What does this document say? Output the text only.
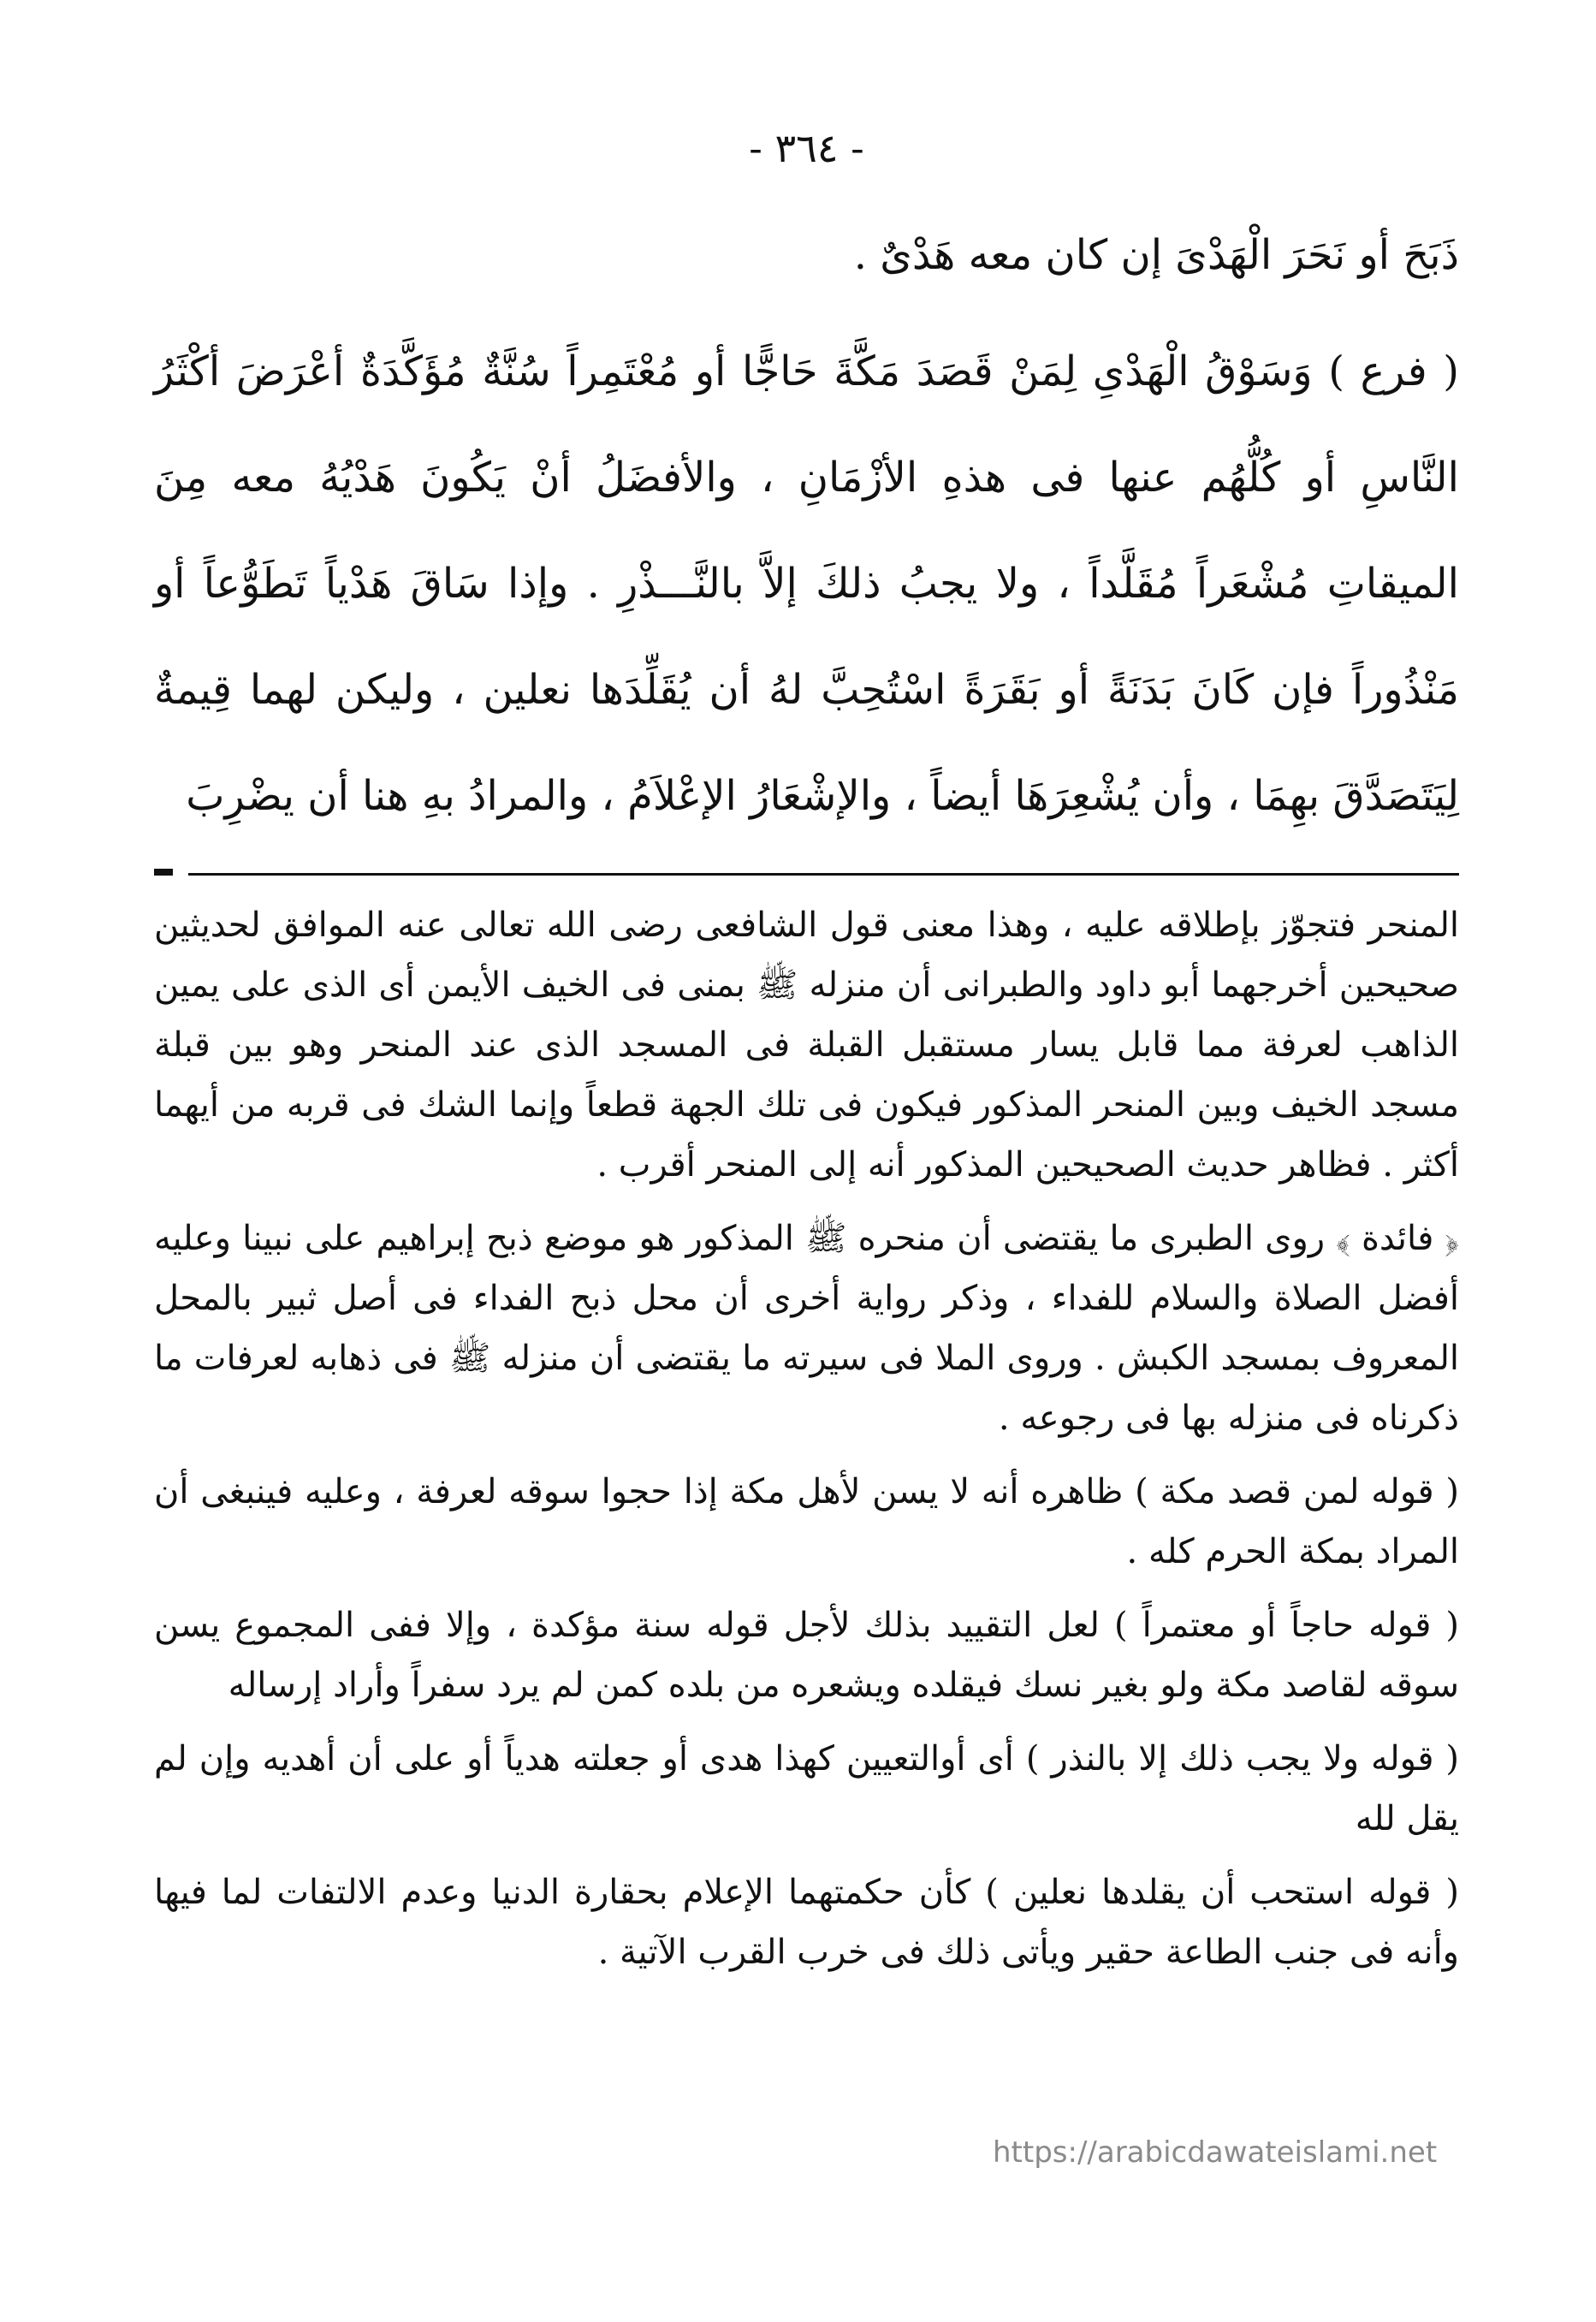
- ٣٦٤ -

ذَبَحَ أو نَحَرَ الْهَدْىَ إن كان معه هَدْىٌ .

( فرع ) وَسَوْقُ الْهَدْىِ لِمَنْ قَصَدَ مَكَّةَ حَاجًّا أو مُعْتَمِراً سُنَّةٌ مُؤَكَّدَةٌ أعْرَضَ أكْثَرُ النَّاسِ أو كُلُّهُم عنها فى هذهِ الأزْمَانِ ، والأفضَلُ أنْ يَكُونَ هَدْيُهُ معه مِنَ الميقاتِ مُشْعَراً مُقَلَّداً ، ولا يجبُ ذلكَ إلاَّ بالنَّـــذْرِ . وإذا سَاقَ هَدْياً تَطَوُّعاً أو مَنْذُوراً فإن كَانَ بَدَنَةً أو بَقَرَةً اسْتُحِبَّ لهُ أن يُقَلِّدَها نعلين ، وليكن لهما قِيمةٌ لِيَتَصَدَّقَ بهِمَا ، وأن يُشْعِرَهَا أيضاً ، والإشْعَارُ الإعْلاَمُ ، والمرادُ بهِ هنا أن يضْرِبَ

المنحر فتجوّز بإطلاقه عليه ، وهذا معنى قول الشافعى رضى الله تعالى عنه الموافق لحديثين صحيحين أخرجهما أبو داود والطبرانى أن منزله ﷺ بمنى فى الخيف الأيمن أى الذى على يمين الذاهب لعرفة مما قابل يسار مستقبل القبلة فى المسجد الذى عند المنحر وهو بين قبلة مسجد الخيف وبين المنحر المذكور فيكون فى تلك الجهة قطعاً وإنما الشك فى قربه من أيهما أكثر . فظاهر حديث الصحيحين المذكور أنه إلى المنحر أقرب .

﴿ فائدة ﴾ روى الطبرى ما يقتضى أن منحره ﷺ المذكور هو موضع ذبح إبراهيم على نبينا وعليه أفضل الصلاة والسلام للفداء ، وذكر رواية أخرى أن محل ذبح الفداء فى أصل ثبير بالمحل المعروف بمسجد الكبش . وروى الملا فى سيرته ما يقتضى أن منزله ﷺ فى ذهابه لعرفات ما ذكرناه فى منزله بها فى رجوعه .

( قوله لمن قصد مكة ) ظاهره أنه لا يسن لأهل مكة إذا حجوا سوقه لعرفة ، وعليه فينبغى أن المراد بمكة الحرم كله .

( قوله حاجاً أو معتمراً ) لعل التقييد بذلك لأجل قوله سنة مؤكدة ، وإلا ففى المجموع يسن سوقه لقاصد مكة ولو بغير نسك فيقلده ويشعره من بلده كمن لم يرد سفراً وأراد إرساله

( قوله ولا يجب ذلك إلا بالنذر ) أى أوالتعيين كهذا هدى أو جعلته هدياً أو على أن أهديه وإن لم يقل لله

( قوله استحب أن يقلدها نعلين ) كأن حكمتهما الإعلام بحقارة الدنيا وعدم الالتفات لما فيها وأنه فى جنب الطاعة حقير ويأتى ذلك فى خرب القرب الآتية .

https://arabicdawateislami.net
